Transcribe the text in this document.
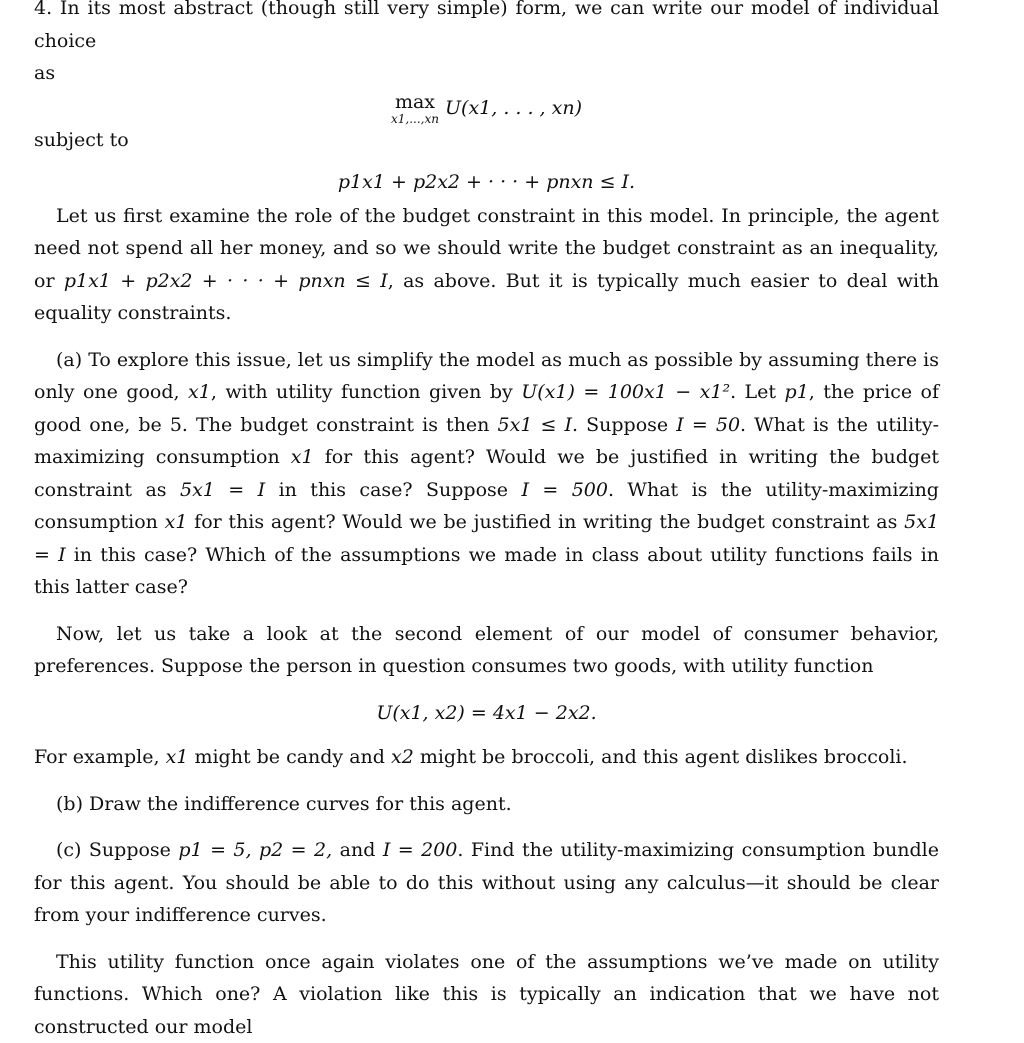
4. In its most abstract (though still very simple) form, we can write our model of individual choice
as
max
x1,...,xn U(x1, . . . , xn)
subject to
p1x1 + p2x2 + · · · + pnxn ≤ I.

Let us first examine the role of the budget constraint in this model. In principle, the agent need not spend all her money, and so we should write the budget constraint as an inequality, or p1x1 + p2x2 + · · · + pnxn ≤ I, as above. But it is typically much easier to deal with equality constraints.

(a) To explore this issue, let us simplify the model as much as possible by assuming there is only one good, x1, with utility function given by U(x1) = 100x1 − x1². Let p1, the price of good one, be 5. The budget constraint is then 5x1 ≤ I. Suppose I = 50. What is the utility-maximizing consumption x1 for this agent? Would we be justified in writing the budget constraint as 5x1 = I in this case? Suppose I = 500. What is the utility-maximizing consumption x1 for this agent? Would we be justified in writing the budget constraint as 5x1 = I in this case? Which of the assumptions we made in class about utility functions fails in this latter case?

Now, let us take a look at the second element of our model of consumer behavior, preferences. Suppose the person in question consumes two goods, with utility function

U(x1, x2) = 4x1 − 2x2.

For example, x1 might be candy and x2 might be broccoli, and this agent dislikes broccoli.

(b) Draw the indifference curves for this agent.

(c) Suppose p1 = 5, p2 = 2, and I = 200. Find the utility-maximizing consumption bundle for this agent. You should be able to do this without using any calculus—it should be clear from your indifference curves.

This utility function once again violates one of the assumptions we’ve made on utility functions. Which one? A violation like this is typically an indication that we have not constructed our model
